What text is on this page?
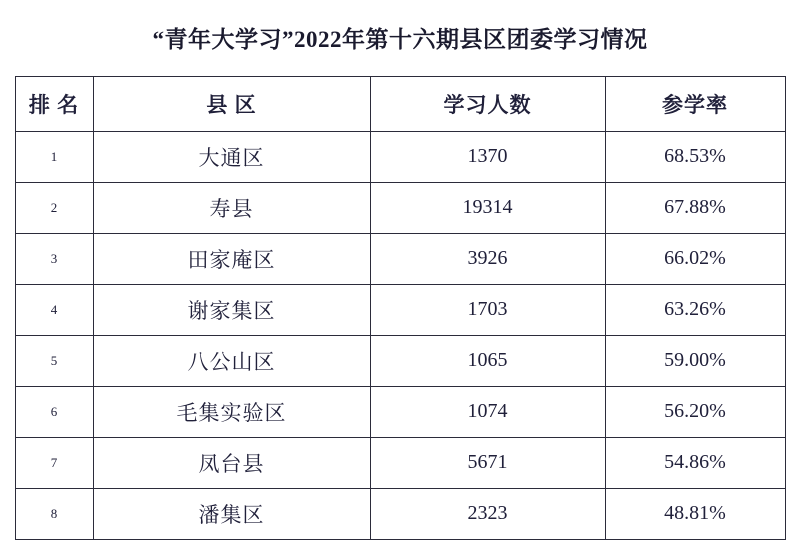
“青年大学习”2022年第十六期县区团委学习情况
排 名	县 区	学习人数	参学率
1	大通区	1370	68.53%
2	寿县	19314	67.88%
3	田家庵区	3926	66.02%
4	谢家集区	1703	63.26%
5	八公山区	1065	59.00%
6	毛集实验区	1074	56.20%
7	凤台县	5671	54.86%
8	潘集区	2323	48.81%
